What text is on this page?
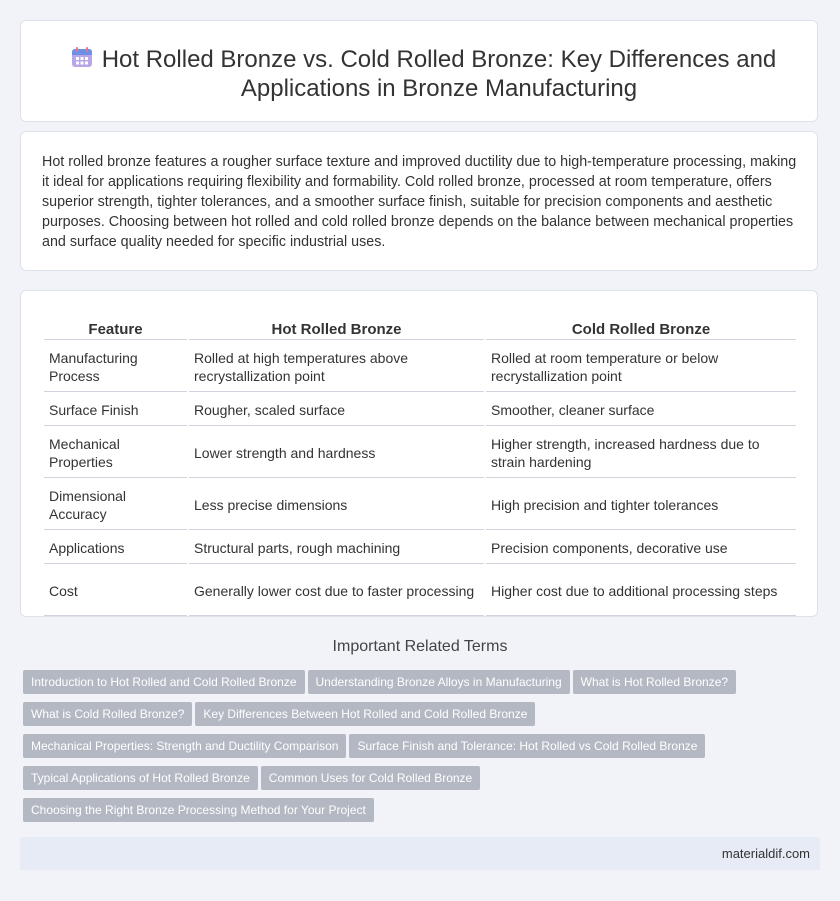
Hot Rolled Bronze vs. Cold Rolled Bronze: Key Differences and Applications in Bronze Manufacturing

Hot rolled bronze features a rougher surface texture and improved ductility due to high-temperature processing, making it ideal for applications requiring flexibility and formability. Cold rolled bronze, processed at room temperature, offers superior strength, tighter tolerances, and a smoother surface finish, suitable for precision components and aesthetic purposes. Choosing between hot rolled and cold rolled bronze depends on the balance between mechanical properties and surface quality needed for specific industrial uses.

Feature	Hot Rolled Bronze	Cold Rolled Bronze
Manufacturing Process	Rolled at high temperatures above recrystallization point	Rolled at room temperature or below recrystallization point
Surface Finish	Rougher, scaled surface	Smoother, cleaner surface
Mechanical Properties	Lower strength and hardness	Higher strength, increased hardness due to strain hardening
Dimensional Accuracy	Less precise dimensions	High precision and tighter tolerances
Applications	Structural parts, rough machining	Precision components, decorative use
Cost	Generally lower cost due to faster processing	Higher cost due to additional processing steps
Important Related Terms
Introduction to Hot Rolled and Cold Rolled Bronze Understanding Bronze Alloys in Manufacturing What is Hot Rolled Bronze?
What is Cold Rolled Bronze? Key Differences Between Hot Rolled and Cold Rolled Bronze
Mechanical Properties: Strength and Ductility Comparison Surface Finish and Tolerance: Hot Rolled vs Cold Rolled Bronze
Typical Applications of Hot Rolled Bronze Common Uses for Cold Rolled Bronze
Choosing the Right Bronze Processing Method for Your Project
materialdif.com
